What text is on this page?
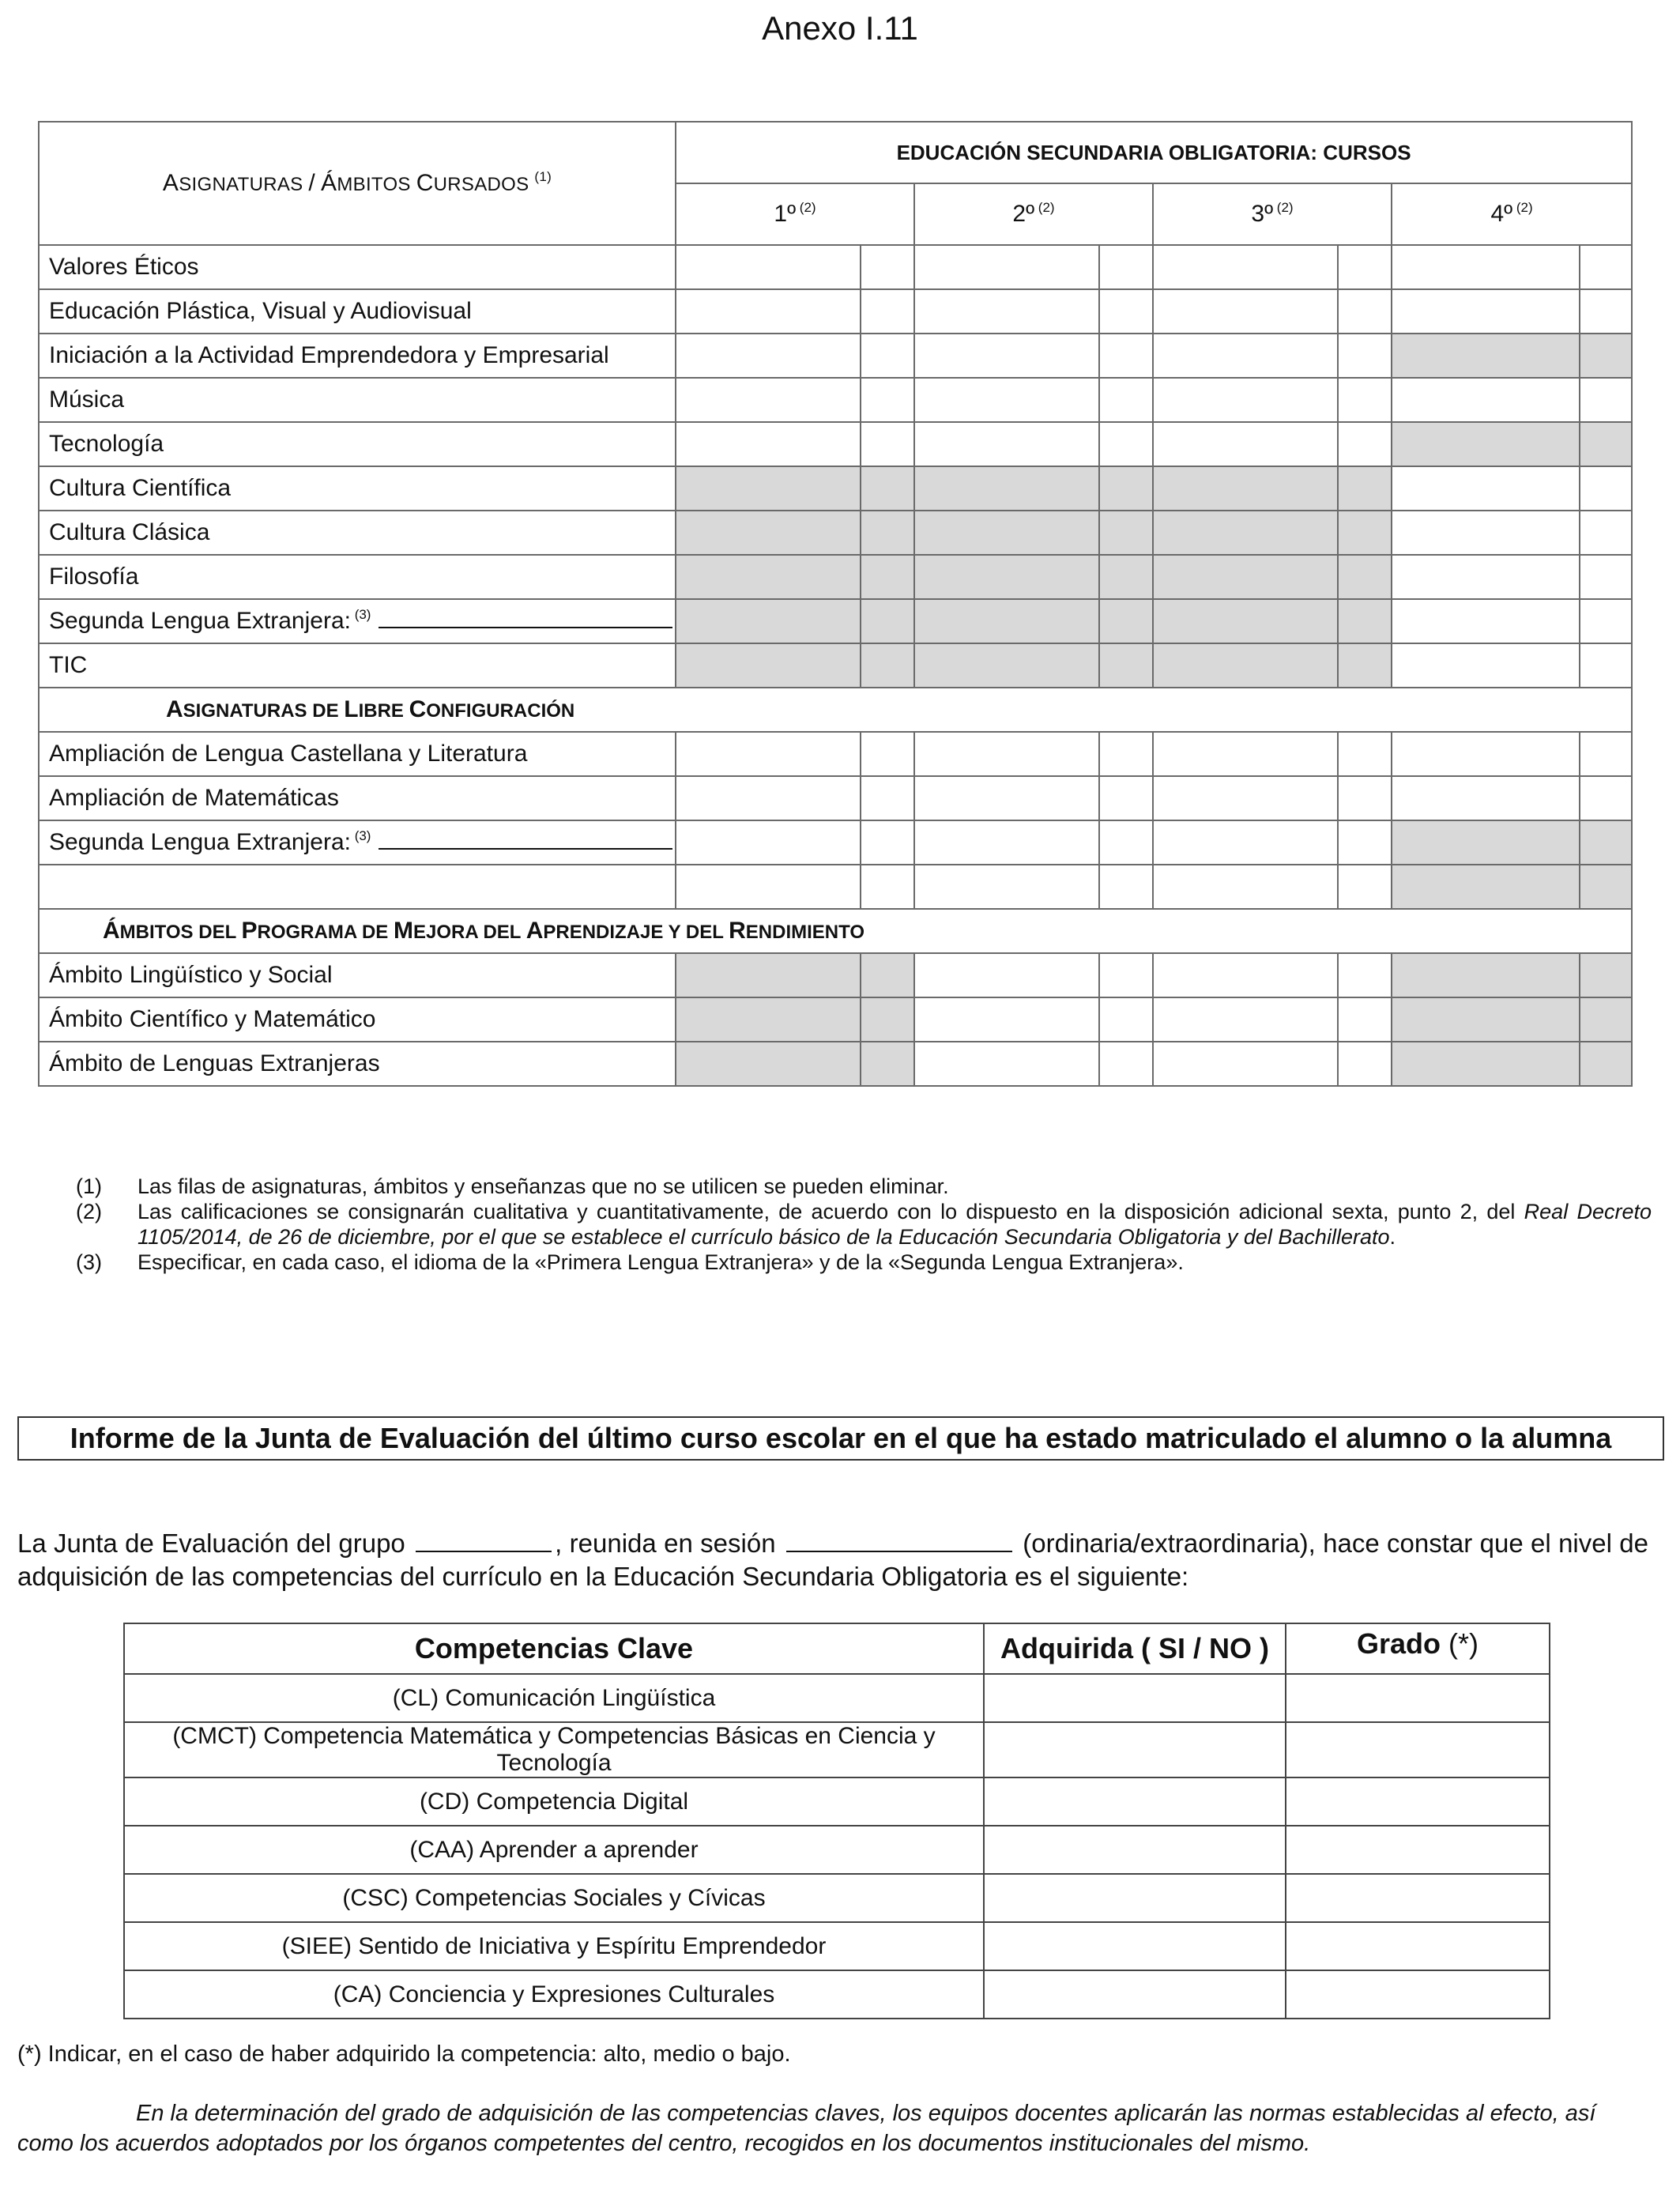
Anexo I.11
ASIGNATURAS / ÁMBITOS CURSADOS $^{(1)}$	EDUCACIÓN SECUNDARIA OBLIGATORIA: CURSOS							
	1º $^{(2)}$		2º $^{(2)}$		3º $^{(2)}$		4º $^{(2)}$
Valores Éticos								
Educación Plástica, Visual y Audiovisual								
Iniciación a la Actividad Emprendedora y Empresarial								
Música								
Tecnología								
Cultura Científica								
Cultura Clásica								
Filosofía								
Segunda Lengua Extranjera: $^{(3)}$								
TIC								
ASIGNATURAS DE LIBRE CONFIGURACIÓN								
Ampliación de Lengua Castellana y Literatura								
Ampliación de Matemáticas								
Segunda Lengua Extranjera: $^{(3)}$								

ÁMBITOS DEL PROGRAMA DE MEJORA DEL APRENDIZAJE Y DEL RENDIMIENTO								
Ámbito Lingüístico y Social								
Ámbito Científico y Matemático								
Ámbito de Lenguas Extranjeras								
(1)	Las filas de asignaturas, ámbitos y enseñanzas que no se utilicen se pueden eliminar.
(2)	Las calificaciones se consignarán cualitativa y cuantitativamente, de acuerdo con lo dispuesto en la disposición adicional sexta, punto 2, del Real Decreto 1105/2014, de 26 de diciembre, por el que se establece el currículo básico de la Educación Secundaria Obligatoria y del Bachillerato.
(3)	Especificar, en cada caso, el idioma de la «Primera Lengua Extranjera» y de la «Segunda Lengua Extranjera».
Informe de la Junta de Evaluación del último curso escolar en el que ha estado matriculado el alumno o la alumna
La Junta de Evaluación del grupo	, reunida en sesión	(ordinaria/extraordinaria), hace constar que el nivel de adquisición de las competencias del currículo en la Educación Secundaria Obligatoria es el siguiente:
Competencias Clave	Adquirida ( SI / NO )	Grado (*)
(CL) Comunicación Lingüística		
(CMCT) Competencia Matemática y Competencias Básicas en Ciencia y Tecnología		
(CD) Competencia Digital		
(CAA) Aprender a aprender		
(CSC) Competencias Sociales y Cívicas		
(SIEE) Sentido de Iniciativa y Espíritu Emprendedor		
(CA) Conciencia y Expresiones Culturales		
(*) Indicar, en el caso de haber adquirido la competencia: alto, medio o bajo.
En la determinación del grado de adquisición de las competencias claves, los equipos docentes aplicarán las normas establecidas al efecto, así como los acuerdos adoptados por los órganos competentes del centro, recogidos en los documentos institucionales del mismo.
